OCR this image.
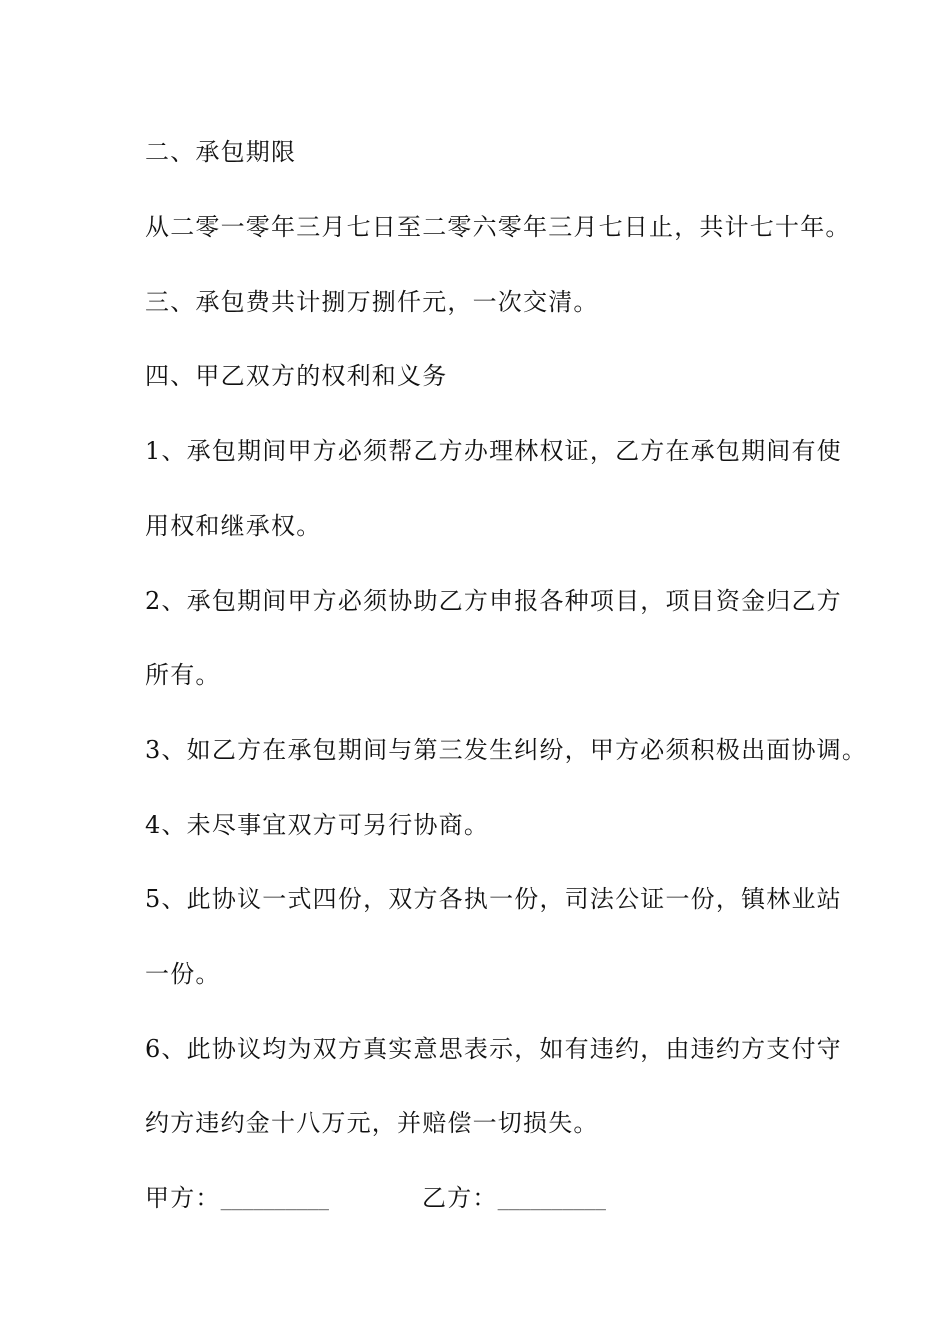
二、承包期限
从二零一零年三月七日至二零六零年三月七日止，共计七十年。
三、承包费共计捌万捌仟元，一次交清。
四、甲乙双方的权利和义务
1、承包期间甲方必须帮乙方办理林权证，乙方在承包期间有使
用权和继承权。
2、承包期间甲方必须协助乙方申报各种项目，项目资金归乙方
所有。
3、如乙方在承包期间与第三发生纠纷，甲方必须积极出面协调。
4、未尽事宜双方可另行协商。
5、此协议一式四份，双方各执一份，司法公证一份，镇林业站
一份。
6、此协议均为双方真实意思表示，如有违约，由违约方支付守
约方违约金十八万元，并赔偿一切损失。
甲方：__________	乙方：__________
